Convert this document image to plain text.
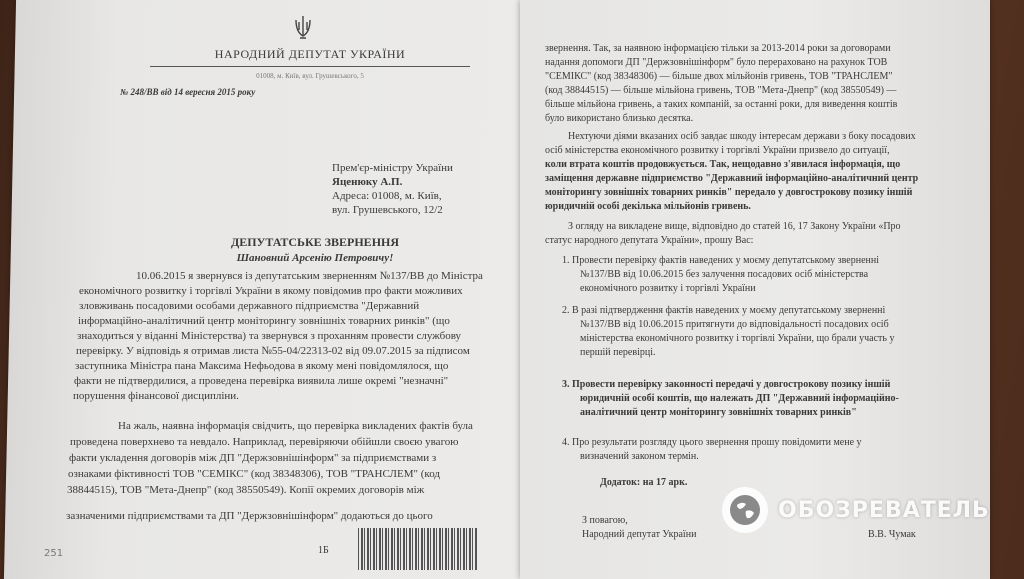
НАРОДНИЙ ДЕПУТАТ УКРАЇНИ
01008, м. Київ, вул. Грушевського, 5
№ 248/ВВ від 14 вересня 2015 року
Прем'єр-міністру України
Яценюку А.П.
Адреса: 01008, м. Київ,
вул. Грушевського, 12/2
ДЕПУТАТСЬКЕ ЗВЕРНЕННЯ
Шановний Арсенію Петровичу!
10.06.2015 я звернувся із депутатським зверненням №137/ВВ до Міністра
економічного розвитку і торгівлі України в якому повідомив про факти можливих
зловживань посадовими особами державного підприємства "Державний
інформаційно-аналітичний центр моніторингу зовнішніх товарних ринків" (що
знаходиться у віданні Міністерства) та звернувся з проханням провести службову
перевірку. У відповідь я отримав листа №55-04/22313-02 від 09.07.2015 за підписом
заступника Міністра пана Максима Нефьодова в якому мені повідомлялося, що
факти не підтвердилися, а проведена перевірка виявила лише окремі "незначні"
порушення фінансової дисципліни.
На жаль, наявна інформація свідчить, що перевірка викладених фактів була
проведена поверхнево та невдало. Наприклад, перевіряючи обійшли своєю увагою
факти укладення договорів між ДП "Держзовнішінформ" за підприємствами з
ознаками фіктивності ТОВ "СЕМІКС" (код 38348306), ТОВ "ТРАНСЛЕМ" (код
38844515), ТОВ "Мета-Днепр" (код 38550549). Копії окремих договорів між
зазначеними підприємствами та ДП "Держзовнішінформ" додаються до цього
1Б
251
звернення. Так, за наявною інформацією тільки за 2013-2014 роки за договорами
надання допомоги ДП "Держзовнішінформ" було перераховано на рахунок ТОВ
"СЕМІКС" (код 38348306) — більше двох мільйонів гривень, ТОВ "ТРАНСЛЕМ"
(код 38844515) — більше мільйона гривень, ТОВ "Мета-Днепр" (код 38550549) —
більше мільйона гривень, а таких компаній, за останні роки, для виведення коштів
було використано близько десятка.
Нехтуючи діями вказаних осіб завдає шкоду інтересам держави з боку посадових
осіб міністерства економічного розвитку і торгівлі України призвело до ситуації,
коли втрата коштів продовжується. Так, нещодавно з'явилася інформація, що
заміщення державне підприємство "Державний інформаційно-аналітичний центр
моніторингу зовнішніх товарних ринків" передало у довгострокову позику іншій
юридичній особі декілька мільйонів гривень.
З огляду на викладене вище, відповідно до статей 16, 17 Закону України «Про
статус народного депутата України», прошу Вас:
1. Провести перевірку фактів наведених у моєму депутатському зверненні
№137/ВВ від 10.06.2015 без залучення посадових осіб міністерства
економічного розвитку і торгівлі України
2. В разі підтвердження фактів наведених у моєму депутатському зверненні
№137/ВВ від 10.06.2015 притягнути до відповідальності посадових осіб
міністерства економічного розвитку і торгівлі України, що брали участь у
першій перевірці.
3. Провести перевірку законності передачі у довгострокову позику іншій
юридичній особі коштів, що належать ДП "Державний інформаційно-
аналітичний центр моніторингу зовнішніх товарних ринків"
4. Про результати розгляду цього звернення прошу повідомити мене у
визначений законом термін.
Додаток: на 17 арк.
З повагою,
Народний депутат України	В.В. Чумак
ОБОЗРЕВАТЕЛЬ
